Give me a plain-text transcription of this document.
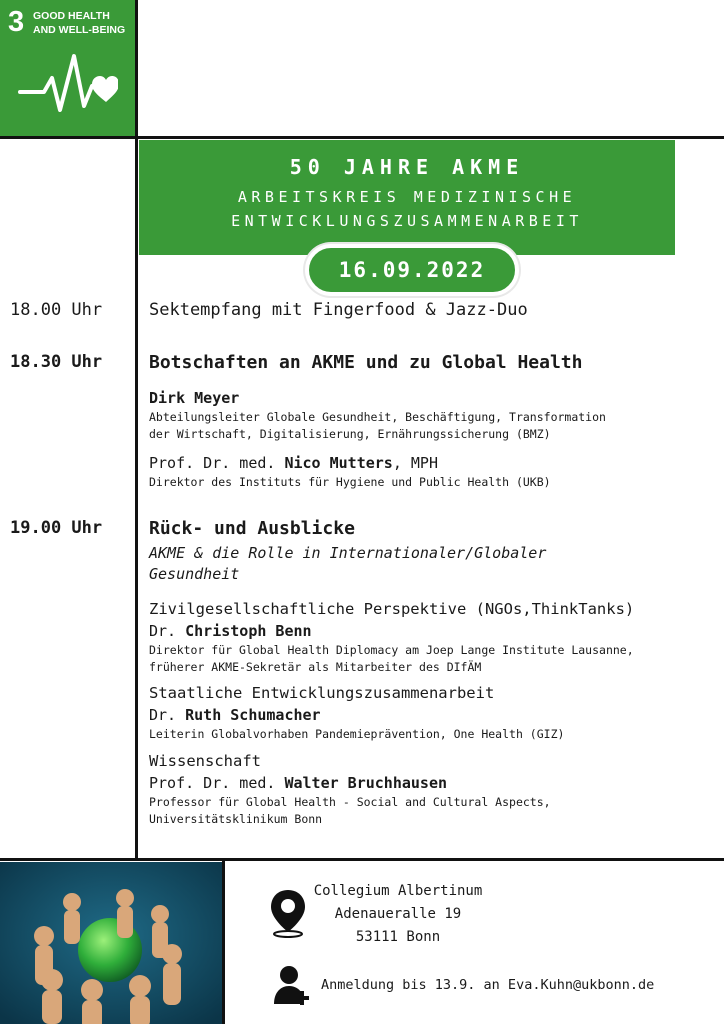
3 GOOD HEALTH
AND WELL-BEING
50 JAHRE AKME
ARBEITSKREIS MEDIZINISCHE
ENTWICKLUNGSZUSAMMENARBEIT
16.09.2022
18.00 Uhr	Sektempfang mit Fingerfood & Jazz-Duo
18.30 Uhr	Botschaften an AKME und zu Global Health
Dirk Meyer
Abteilungsleiter Globale Gesundheit, Beschäftigung, Transformation
der Wirtschaft, Digitalisierung, Ernährungssicherung (BMZ)
Prof. Dr. med. Nico Mutters, MPH
Direktor des Instituts für Hygiene und Public Health (UKB)
19.00 Uhr	Rück- und Ausblicke
AKME & die Rolle in Internationaler/Globaler
Gesundheit
Zivilgesellschaftliche Perspektive (NGOs,ThinkTanks)
Dr. Christoph Benn
Direktor für Global Health Diplomacy am Joep Lange Institute Lausanne,
früherer AKME-Sekretär als Mitarbeiter des DIfÄM
Staatliche Entwicklungszusammenarbeit
Dr. Ruth Schumacher
Leiterin Globalvorhaben Pandemieprävention, One Health (GIZ)
Wissenschaft
Prof. Dr. med. Walter Bruchhausen
Professor für Global Health - Social and Cultural Aspects,
Universitätsklinikum Bonn
Collegium Albertinum
Adenaueralle 19
53111 Bonn
Anmeldung bis 13.9. an Eva.Kuhn@ukbonn.de
